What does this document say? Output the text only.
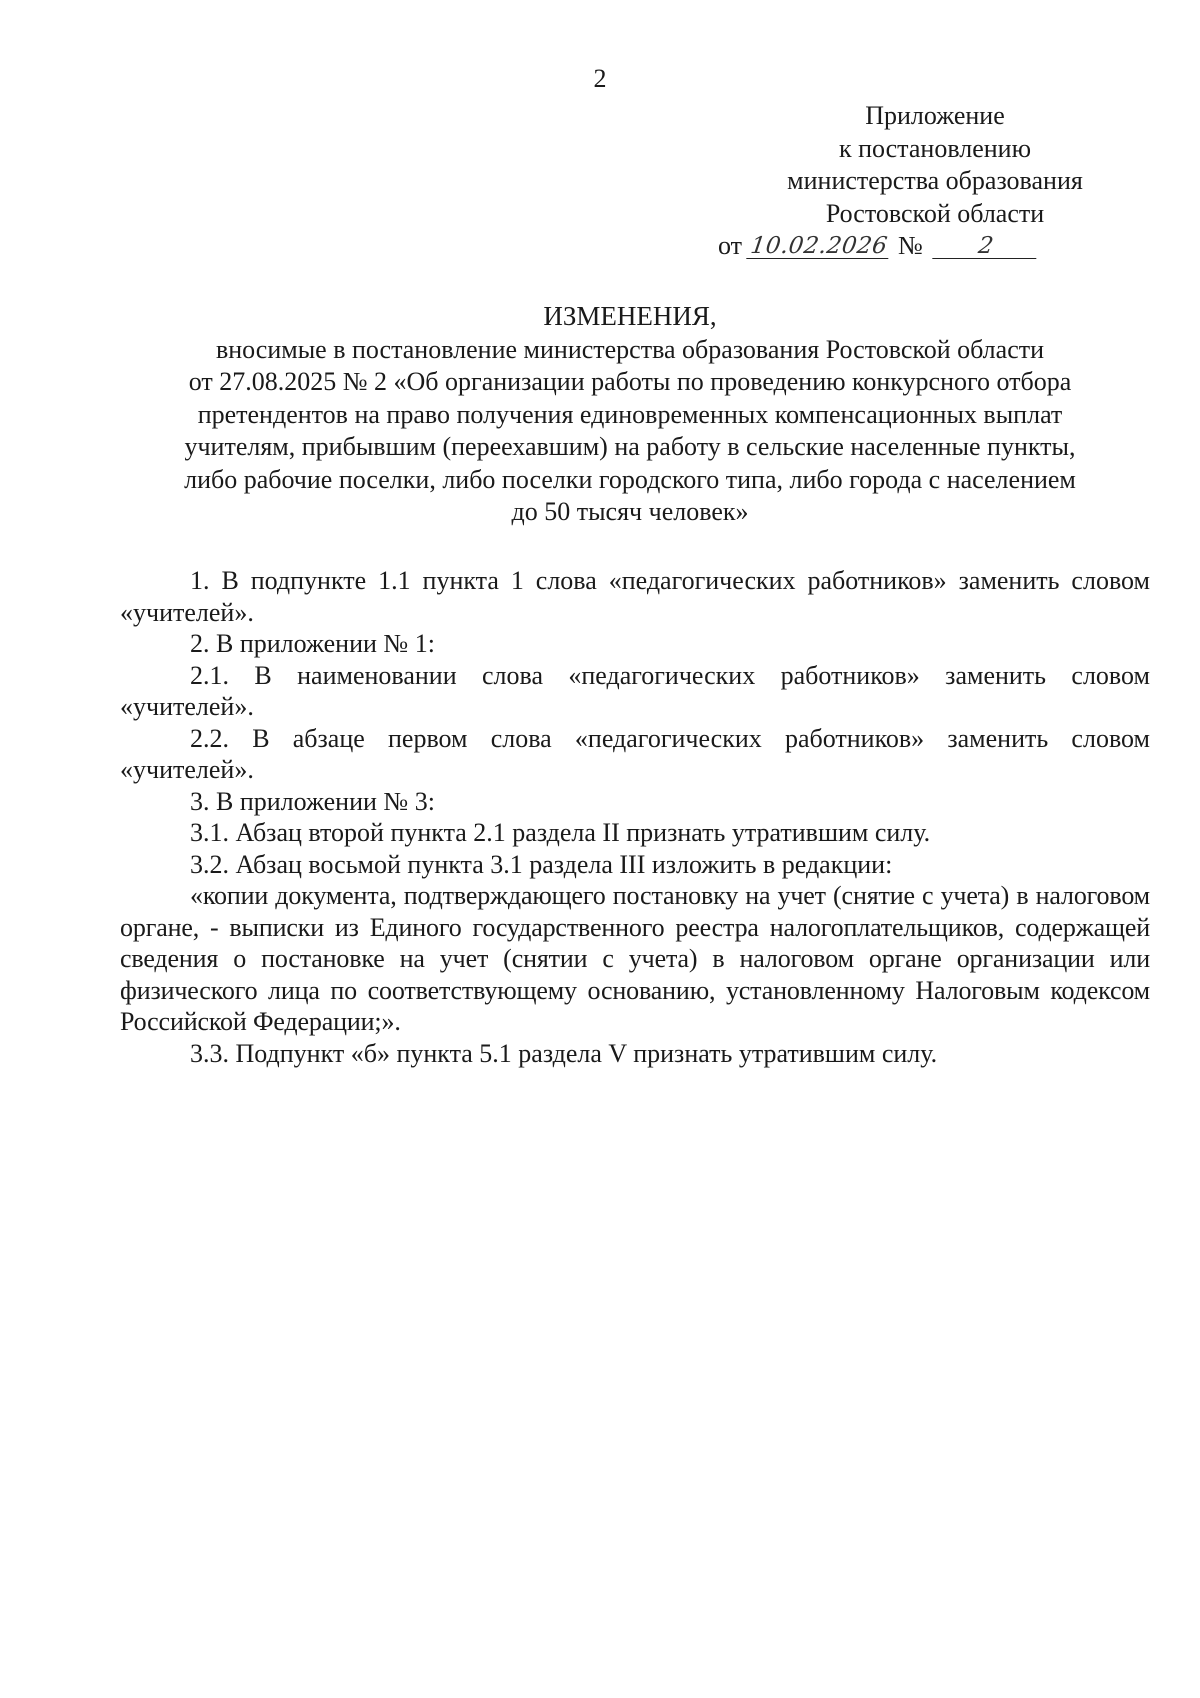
2
Приложение
к постановлению
министерства образования
Ростовской области
от 10.02.2026 №	2
ИЗМЕНЕНИЯ,
вносимые в постановление министерства образования Ростовской области
от 27.08.2025 № 2 «Об организации работы по проведению конкурсного отбора
претендентов на право получения единовременных компенсационных выплат
учителям, прибывшим (переехавшим) на работу в сельские населенные пункты,
либо рабочие поселки, либо поселки городского типа, либо города с населением
до 50 тысяч человек»

1. В подпункте 1.1 пункта 1 слова «педагогических работников» заменить словом «учителей».

2. В приложении № 1:

2.1. В наименовании слова «педагогических работников» заменить словом «учителей».

2.2. В абзаце первом слова «педагогических работников» заменить словом «учителей».

3. В приложении № 3:

3.1. Абзац второй пункта 2.1 раздела II признать утратившим силу.

3.2. Абзац восьмой пункта 3.1 раздела III изложить в редакции:

«копии документа, подтверждающего постановку на учет (снятие с учета) в налоговом органе, - выписки из Единого государственного реестра налогоплательщиков, содержащей сведения о постановке на учет (снятии с учета) в налоговом органе организации или физического лица по соответствующему основанию, установленному Налоговым кодексом Российской Федерации;».

3.3. Подпункт «б» пункта 5.1 раздела V признать утратившим силу.
